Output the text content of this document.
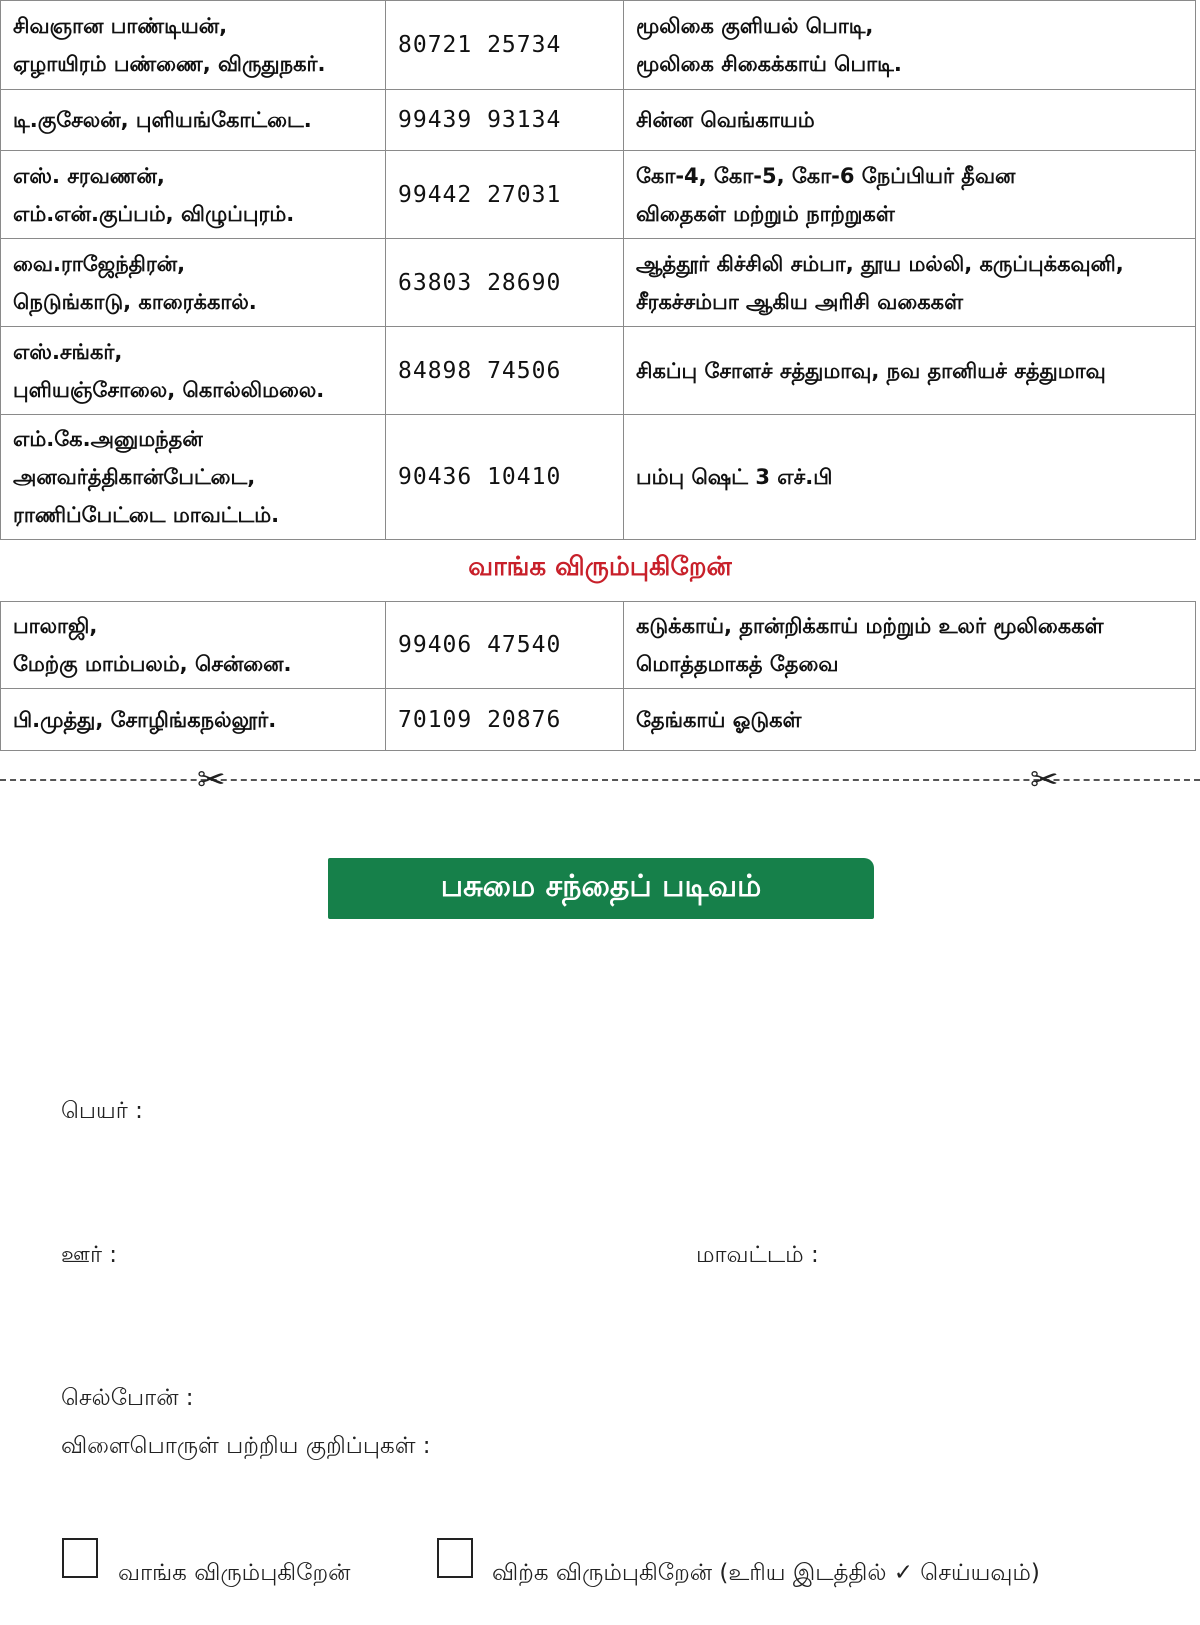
சிவஞான பாண்டியன்,
ஏழாயிரம் பண்ணை, விருதுநகர்.	80721 25734	மூலிகை குளியல் பொடி,
மூலிகை சிகைக்காய் பொடி.

டி.குசேலன், புளியங்கோட்டை.	99439 93134	சின்ன வெங்காயம்

எஸ். சரவணன்,
எம்.என்.குப்பம், விழுப்புரம்.	99442 27031	கோ-4, கோ-5, கோ-6 நேப்பியர் தீவன
விதைகள் மற்றும் நாற்றுகள்

வை.ராஜேந்திரன்,
நெடுங்காடு, காரைக்கால்.	63803 28690	ஆத்தூர் கிச்சிலி சம்பா, தூய மல்லி, கருப்புக்கவுனி,
சீரகச்சம்பா ஆகிய அரிசி வகைகள்

எஸ்.சங்கர்,
புளியஞ்சோலை, கொல்லிமலை.	84898 74506	சிகப்பு சோளச் சத்துமாவு, நவ தானியச் சத்துமாவு

எம்.கே.அனுமந்தன்
அனவர்த்திகான்பேட்டை,
ராணிப்பேட்டை மாவட்டம்.	90436 10410	பம்பு ஷெட் 3 எச்.பி
வாங்க விரும்புகிறேன்
பாலாஜி,
மேற்கு மாம்பலம், சென்னை.	99406 47540	கடுக்காய், தான்றிக்காய் மற்றும் உலர் மூலிகைகள்
மொத்தமாகத் தேவை

பி.முத்து, சோழிங்கநல்லூர்.	70109 20876	தேங்காய் ஓடுகள்
✂	✂
பசுமை சந்தைப் படிவம்
பெயர் :
ஊர் :	மாவட்டம் :
செல்போன் :
விளைபொருள் பற்றிய குறிப்புகள் :
வாங்க விரும்புகிறேன்	விற்க விரும்புகிறேன் (உரிய இடத்தில் ✓ செய்யவும்)
